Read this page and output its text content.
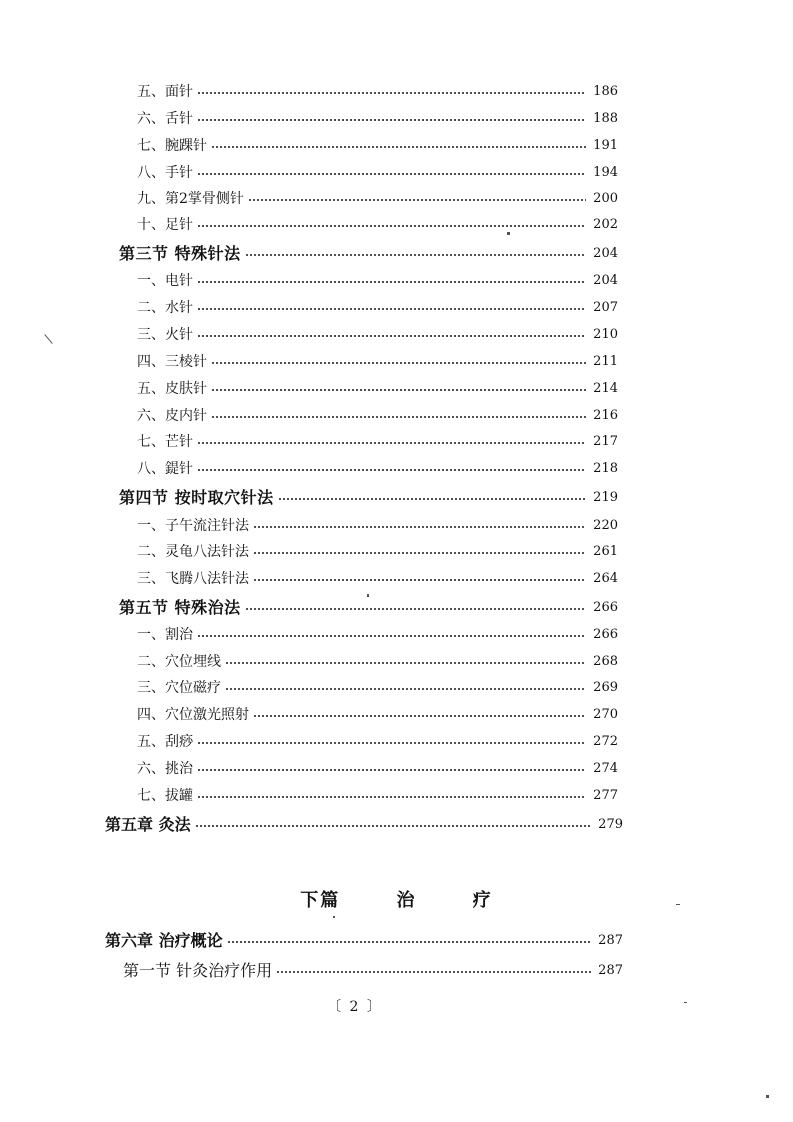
五、面针	186
六、舌针	188
七、腕踝针	191
八、手针	194
九、第2掌骨侧针	200
十、足针	202
第三节 特殊针法	204
一、电针	204
二、水针	207
三、火针	210
四、三棱针	211
五、皮肤针	214
六、皮内针	216
七、芒针	217
八、鍉针	218
第四节 按时取穴针法	219
一、子午流注针法	220
二、灵龟八法针法	261
三、飞腾八法针法	264
第五节 特殊治法	266
一、割治	266
二、穴位埋线	268
三、穴位磁疗	269
四、穴位激光照射	270
五、刮痧	272
六、挑治	274
七、拔罐	277
第五章 灸法	279
下篇	治	疗
第六章 治疗概论	287
第一节 针灸治疗作用	287
〔 2 〕
